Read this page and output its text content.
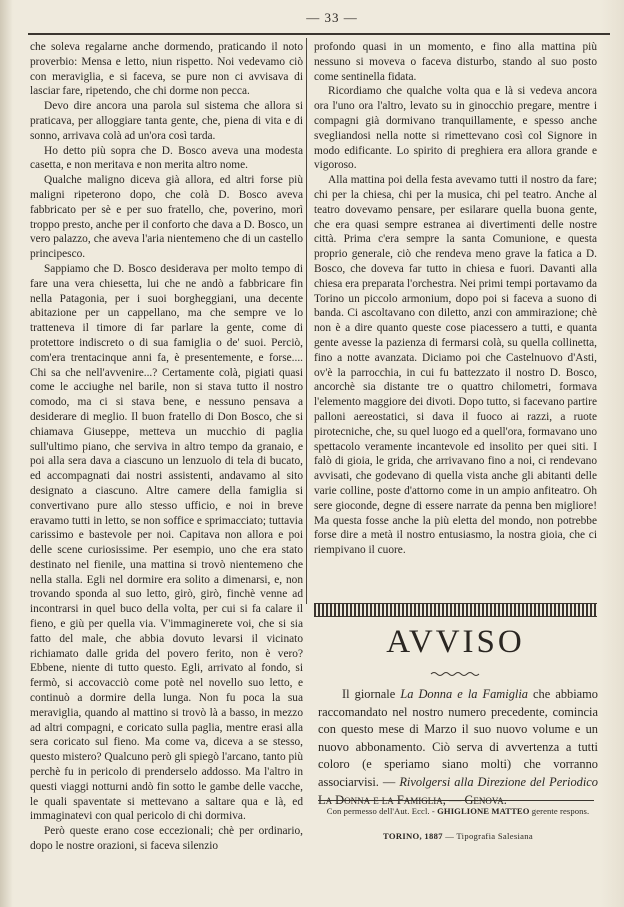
— 33 —

che soleva regalarne anche dormendo, praticando il noto proverbio: Mensa e letto, niun rispetto. Noi vedevamo ciò con meraviglia, e si faceva, se pure non ci avvisava di lasciar fare, ripetendo, che chi dorme non pecca.

Devo dire ancora una parola sul sistema che allora si praticava, per alloggiare tanta gente, che, piena di vita e di sonno, arrivava colà ad un'ora così tarda.

Ho detto più sopra che D. Bosco aveva una modesta casetta, e non meritava e non merita altro nome.

Qualche maligno diceva già allora, ed altri forse più maligni ripeterono dopo, che colà D. Bosco aveva fabbricato per sè e per suo fratello, che, poverino, morì troppo presto, anche per il conforto che dava a D. Bosco, un vero palazzo, che aveva l'aria nientemeno che di un castello principesco.

Sappiamo che D. Bosco desiderava per molto tempo di fare una vera chiesetta, lui che ne andò a fabbricare fin nella Patagonia, per i suoi borgheggiani, una decente abitazione per un cappellano, ma che sempre ve lo tratteneva il timore di far parlare la gente, come di protettore indiscreto o di sua famiglia o de' suoi. Perciò, com'era trentacinque anni fa, è presentemente, e forse.... Chi sa che nell'avvenire...? Certamente colà, pigiati quasi come le acciughe nel barile, non si stava tutto il nostro comodo, ma ci si stava bene, e nessuno pensava a desiderare di meglio. Il buon fratello di Don Bosco, che si chiamava Giuseppe, metteva un mucchio di paglia sull'ultimo piano, che serviva in altro tempo da granaio, e poi alla sera dava a ciascuno un lenzuolo di tela di bucato, ed accompagnati dai nostri assistenti, andavamo al sito designato a ciascuno. Altre camere della famiglia si convertivano pure allo stesso ufficio, e noi in breve eravamo tutti in letto, se non soffice e sprimacciato; tuttavia carissimo e bastevole per noi. Capitava non allora e poi delle scene curiosissime. Per esempio, uno che era stato destinato nel fienile, una mattina si trovò nientemeno che nella stalla. Egli nel dormire era solito a dimenarsi, e, non trovando sponda al suo letto, girò, girò, finchè venne ad incontrarsi in quel buco della volta, per cui si fa calare il fieno, e giù per quella via. V'immaginerete voi, che si sia fatto del male, che abbia dovuto levarsi il vicinato richiamato dalle grida del povero ferito, non è vero? Ebbene, niente di tutto questo. Egli, arrivato al fondo, si fermò, si accovacciò come potè nel novello suo letto, e continuò a dormire della lunga. Non fu poca la sua meraviglia, quando al mattino si trovò là a basso, in mezzo ad altri compagni, e coricato sulla paglia, mentre erasi alla sera coricato sul fieno. Ma come va, diceva a se stesso, questo mistero? Qualcuno però gli spiegò l'arcano, tanto più perchè fu in pericolo di prenderselo addosso. Ma l'altro in questi viaggi notturni andò fin sotto le gambe delle vacche, le quali spaventate si mettevano a saltare qua e là, ed immaginatevi con qual pericolo di chi dormiva.

Però queste erano cose eccezionali; chè per ordinario, dopo le nostre orazioni, si faceva silenzio

profondo quasi in un momento, e fino alla mattina più nessuno si moveva o faceva disturbo, stando al suo posto come sentinella fidata.

Ricordiamo che qualche volta qua e là si vedeva ancora ora l'uno ora l'altro, levato su in ginocchio pregare, mentre i compagni già dormivano tranquillamente, e spesso anche svegliandosi nella notte si rimettevano così col Signore in modo edificante. Lo spirito di preghiera era allora grande e vigoroso.

Alla mattina poi della festa avevamo tutti il nostro da fare; chi per la chiesa, chi per la musica, chi pel teatro. Anche al teatro dovevamo pensare, per esilarare quella buona gente, che era quasi sempre estranea ai divertimenti delle nostre città. Prima c'era sempre la santa Comunione, e questa proprio generale, ciò che rendeva meno grave la fatica a D. Bosco, che doveva far tutto in chiesa e fuori. Davanti alla chiesa era preparata l'orchestra. Nei primi tempi portavamo da Torino un piccolo armonium, dopo poi si faceva a suono di banda. Ci ascoltavano con diletto, anzi con ammirazione; chè non è a dire quanto queste cose piacessero a tutti, e quanta gente avesse la pazienza di fermarsi colà, su quella collinetta, fino a notte avanzata. Diciamo poi che Castelnuovo d'Asti, ov'è la parrocchia, in cui fu battezzato il nostro D. Bosco, ancorchè sia distante tre o quattro chilometri, formava l'elemento maggiore dei divoti. Dopo tutto, si facevano partire palloni aereostatici, si dava il fuoco ai razzi, a ruote pirotecniche, che, su quel luogo ed a quell'ora, formavano uno spettacolo veramente incantevole ed insolito per quei siti. I falò di gioia, le grida, che arrivavano fino a noi, ci rendevano avvisati, che godevano di quella vista anche gli abitanti delle varie colline, poste d'attorno come in un ampio anfiteatro. Oh sere gioconde, degne di essere narrate da penna ben migliore! Ma questa fosse anche la più eletta del mondo, non potrebbe forse dire a metà il nostro entusiasmo, la nostra gioia, che ci riempivano il cuore.

AVVISO

Il giornale La Donna e la Famiglia che abbiamo raccomandato nel nostro numero precedente, comincia con questo mese di Marzo il suo nuovo volume e un nuovo abbonamento. Ciò serva di avvertenza a tutti coloro (e speriamo siano molti) che vorranno associarvisi. — Rivolgersi alla Direzione del Periodico La Donna e la Famiglia, — Genova.

Con permesso dell'Aut. Eccl. - GHIGLIONE MATTEO gerente respons.
TORINO, 1887 — Tipografia Salesiana
